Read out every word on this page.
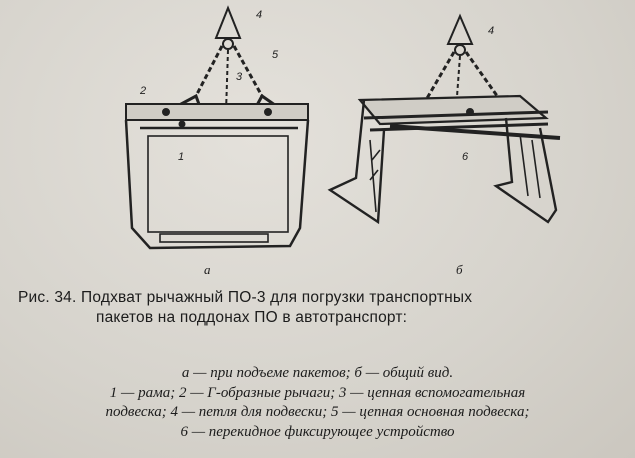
4
5
3
2
1
4
6
а	б
Рис. 34. Подхват рычажный ПО-3 для погрузки транспортных
пакетов на поддонах ПО в автотранспорт:
а — при подъеме пакетов; б — общий вид.
1 — рама; 2 — Г-образные рычаги; 3 — цепная вспомогательная
подвеска; 4 — петля для подвески; 5 — цепная основная подвеска;
6 — перекидное фиксирующее устройство
